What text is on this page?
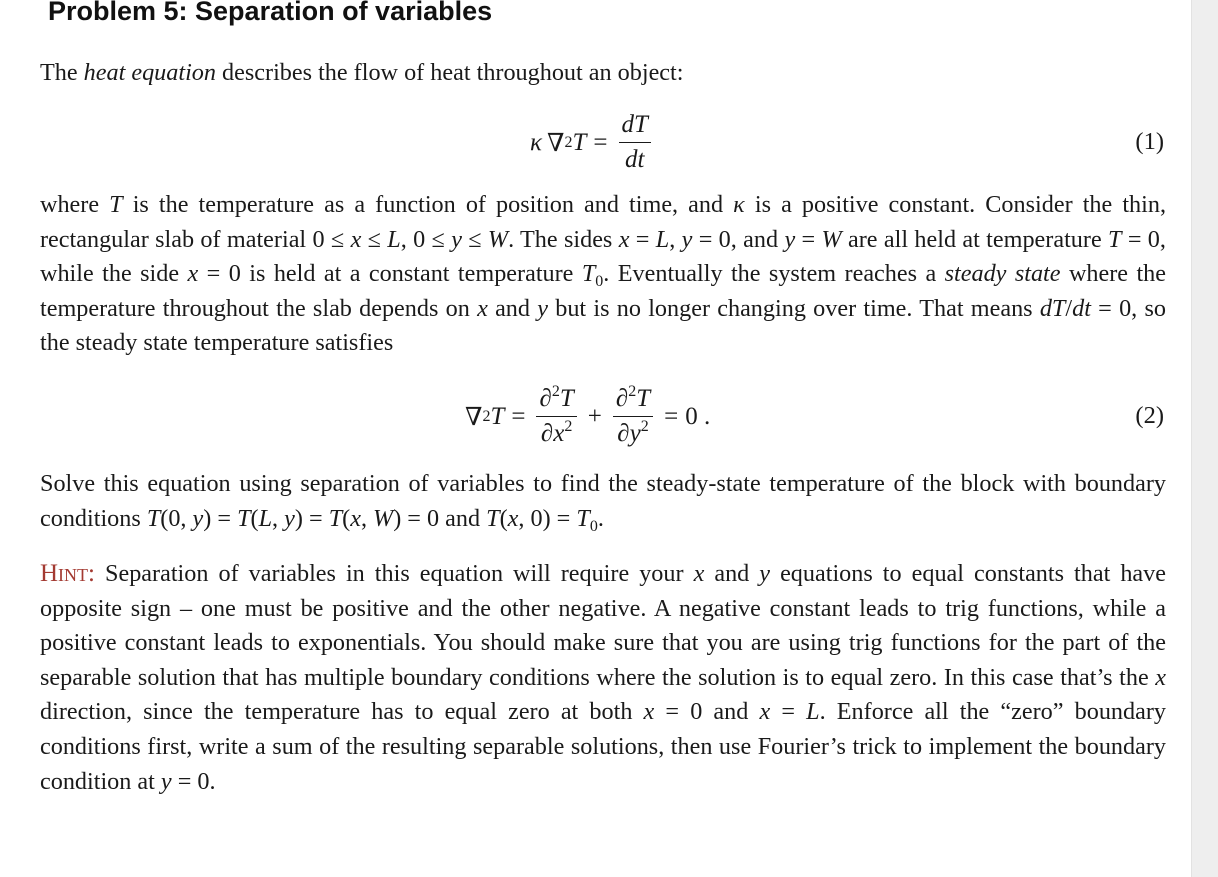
Problem 5: Separation of variables

The heat equation describes the flow of heat throughout an object:

κ
  ∇ 2 $T = \frac{dT}{dt}$	(1)

where T is the temperature as a function of position and time, and κ is a positive constant. Consider the thin, rectangular slab of material 0 ≤ x ≤ L, 0 ≤ y ≤ W. The sides x = L, y = 0, and y = W are all held at temperature T = 0, while the side x = 0 is held at a constant temperature $T_0$. Eventually the system reaches a steady state where the temperature throughout the slab depends on x and y but is no longer changing over time. That means dT/dt = 0, so the steady state temperature satisfies

∇ 2 $T = \frac{\partial^2T}{\partial x^2} + \frac{\partial^2T}{\partial y^2} = 0$ .	(2)

Solve this equation using separation of variables to find the steady-state temperature of the block with boundary conditions T(0, y) = T(L, y) = T(x, W) = 0 and T(x, $0) = T_0$.

Hint: Separation of variables in this equation will require your x and y equations to equal constants that have opposite sign – one must be positive and the other negative. A negative constant leads to trig functions, while a positive constant leads to exponentials. You should make sure that you are using trig functions for the part of the separable solution that has multiple boundary conditions where the solution is to equal zero. In this case that’s the x direction, since the temperature has to equal zero at both x = 0 and x = L. Enforce all the “zero” boundary conditions first, write a sum of the resulting separable solutions, then use Fourier’s trick to implement the boundary condition at y = 0.
